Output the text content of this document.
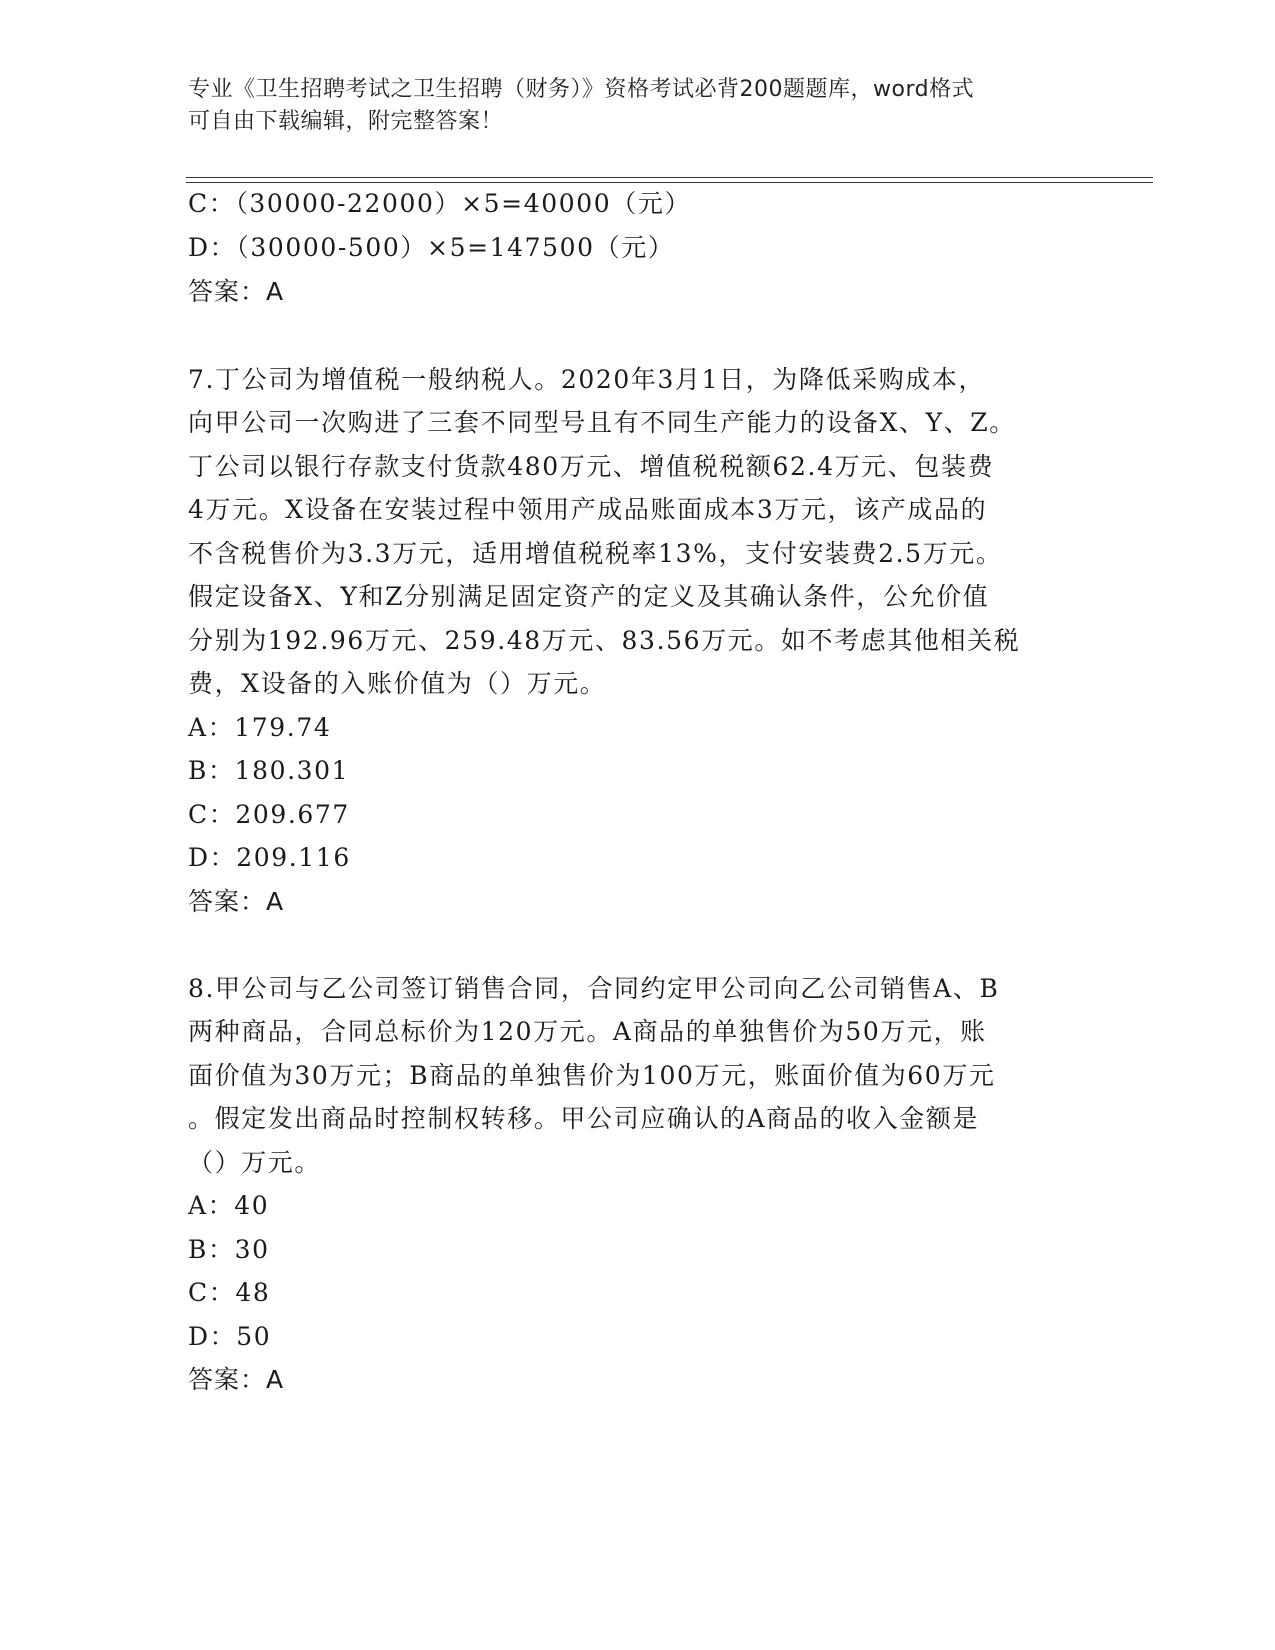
专业《卫生招聘考试之卫生招聘（财务）》资格考试必背200题题库，word格式
可自由下载编辑，附完整答案！
C：（30000-22000）×5=40000（元）
D：（30000-500）×5=147500（元）
答案：A
7.丁公司为增值税一般纳税人。2020年3月1日，为降低采购成本，
向甲公司一次购进了三套不同型号且有不同生产能力的设备X、Y、Z。
丁公司以银行存款支付货款480万元、增值税税额62.4万元、包装费
4万元。X设备在安装过程中领用产成品账面成本3万元，该产成品的
不含税售价为3.3万元，适用增值税税率13%，支付安装费2.5万元。
假定设备X、Y和Z分别满足固定资产的定义及其确认条件，公允价值
分别为192.96万元、259.48万元、83.56万元。如不考虑其他相关税
费，X设备的入账价值为（）万元。
A：179.74
B：180.301
C：209.677
D：209.116
答案：A
8.甲公司与乙公司签订销售合同，合同约定甲公司向乙公司销售A、B
两种商品，合同总标价为120万元。A商品的单独售价为50万元，账
面价值为30万元；B商品的单独售价为100万元，账面价值为60万元
。假定发出商品时控制权转移。甲公司应确认的A商品的收入金额是
（）万元。
A：40
B：30
C：48
D：50
答案：A
